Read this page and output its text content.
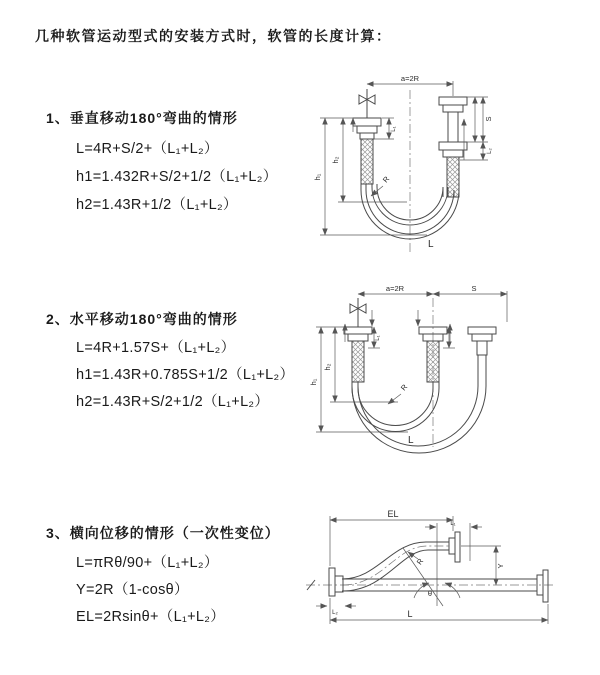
几种软管运动型式的安装方式时，软管的长度计算：
1、垂直移动180°弯曲的情形
L=4R+S/2+（L₁+L₂）
h1=1.432R+S/2+1/2（L₁+L₂）
h2=1.43R+1/2（L₁+L₂）
2、水平移动180°弯曲的情形
L=4R+1.57S+（L₁+L₂）
h1=1.43R+0.785S+1/2（L₁+L₂）
h2=1.43R+S/2+1/2（L₁+L₂）
3、横向位移的情形（一次性变位）
L=πRθ/90+（L₁+L₂）
Y=2R（1-cosθ）
EL=2Rsinθ+（L₁+L₂）
a=2R
L₁
S
L₂
h₂
h₁	R
L
a=2R	S
L₁
h₂
h₁
R
L
EL
L₁
Y
θ
R
L
L₂
